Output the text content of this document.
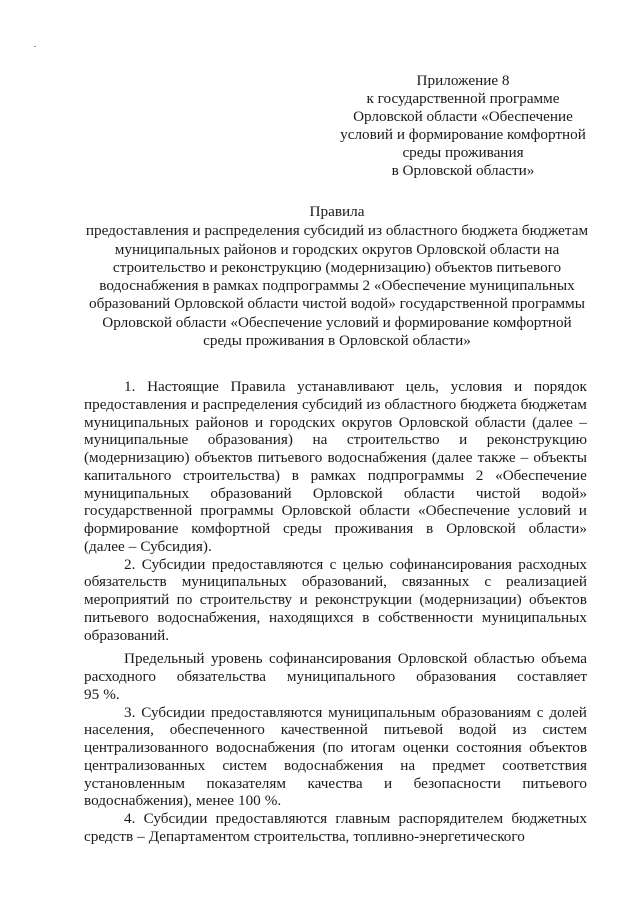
Приложение 8
к государственной программе
Орловской области «Обеспечение
условий и формирование комфортной
среды проживания
в Орловской области»
Правила
предоставления и распределения субсидий из областного бюджета бюджетам
муниципальных районов и городских округов Орловской области на
строительство и реконструкцию (модернизацию) объектов питьевого
водоснабжения в рамках подпрограммы 2 «Обеспечение муниципальных
образований Орловской области чистой водой» государственной программы
Орловской области «Обеспечение условий и формирование комфортной
среды проживания в Орловской области»
1. Настоящие Правила устанавливают цель, условия и порядок
предоставления и распределения субсидий из областного бюджета бюджетам
муниципальных районов и городских округов Орловской области (далее –
муниципальные образования) на строительство и реконструкцию
(модернизацию) объектов питьевого водоснабжения (далее также – объекты
капитального строительства) в рамках подпрограммы 2 «Обеспечение
муниципальных образований Орловской области чистой водой»
государственной программы Орловской области «Обеспечение условий и
формирование комфортной среды проживания в Орловской области»
(далее – Субсидия).
2. Субсидии предоставляются с целью софинансирования расходных
обязательств муниципальных образований, связанных с реализацией
мероприятий по строительству и реконструкции (модернизации) объектов
питьевого водоснабжения, находящихся в собственности муниципальных
образований.
Предельный уровень софинансирования Орловской областью объема
расходного обязательства муниципального образования составляет
95 %.
3. Субсидии предоставляются муниципальным образованиям с долей
населения, обеспеченного качественной питьевой водой из систем
централизованного водоснабжения (по итогам оценки состояния объектов
централизованных систем водоснабжения на предмет соответствия
установленным показателям качества и безопасности питьевого
водоснабжения), менее 100 %.
4. Субсидии предоставляются главным распорядителем бюджетных
средств – Департаментом строительства, топливно-энергетического
